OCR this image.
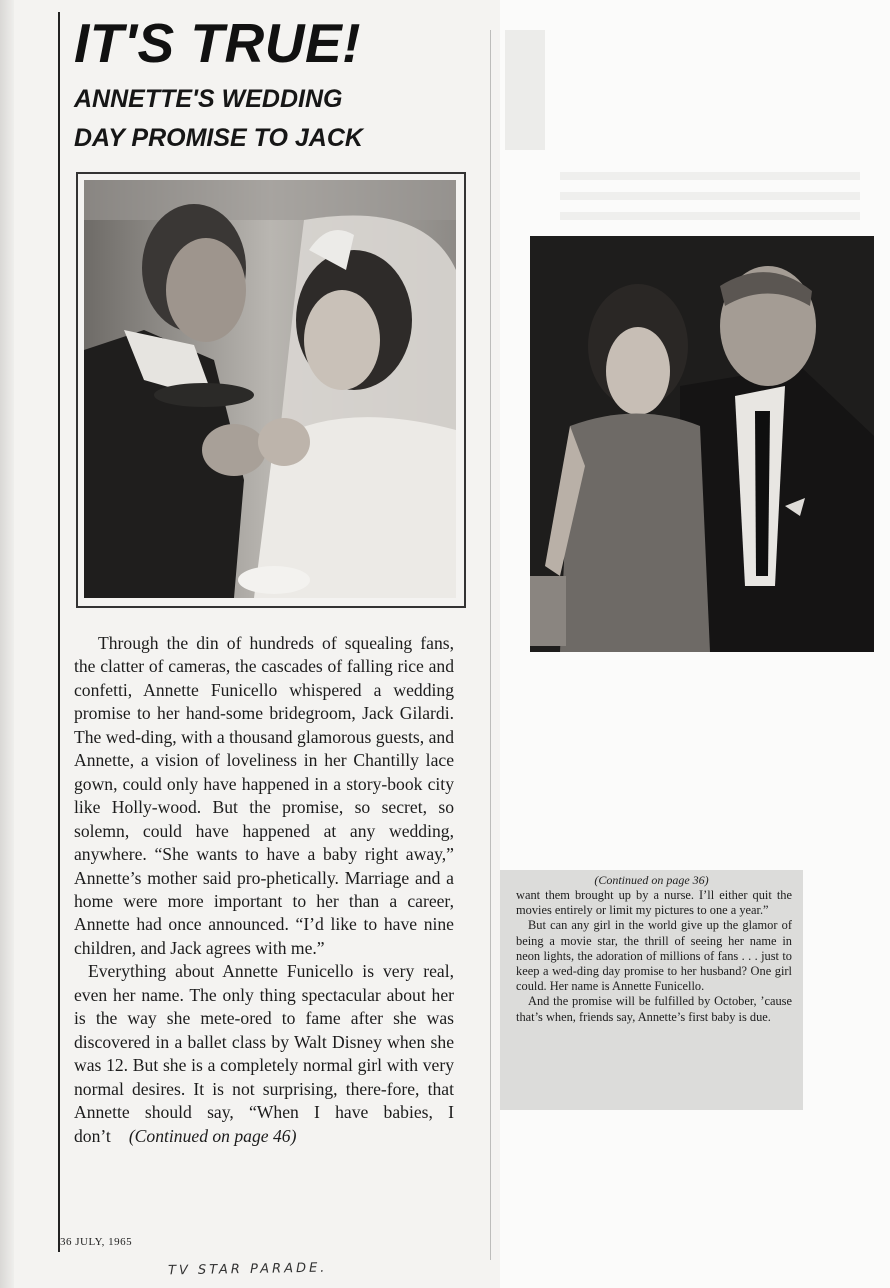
IT'S TRUE!
ANNETTE'S WEDDING
DAY PROMISE TO JACK

Through the din of hundreds of squealing fans, the clatter of cameras, the cascades of falling rice and confetti, Annette Funicello whispered a wedding promise to her hand-some bridegroom, Jack Gilardi. The wed-ding, with a thousand glamorous guests, and Annette, a vision of loveliness in her Chantilly lace gown, could only have happened in a story-book city like Holly-wood. But the promise, so secret, so solemn, could have happened at any wedding, anywhere. “She wants to have a baby right away,” Annette’s mother said pro-phetically. Marriage and a home were more important to her than a career, Annette had once announced. “I’d like to have nine children, and Jack agrees with me.”

Everything about Annette Funicello is very real, even her name. The only thing spectacular about her is the way she mete-ored to fame after she was discovered in a ballet class by Walt Disney when she was 12. But she is a completely normal girl with very normal desires. It is not surprising, there-fore, that Annette should say, “When I have babies, I don’t (Continued on page 46)

36 JULY, 1965
TV STAR PARADE.
(Continued on page 36)

want them brought up by a nurse. I’ll either quit the movies entirely or limit my pictures to one a year.”

But can any girl in the world give up the glamor of being a movie star, the thrill of seeing her name in neon lights, the adoration of millions of fans . . . just to keep a wed-ding day promise to her husband? One girl could. Her name is Annette Funicello.

And the promise will be fulfilled by October, ’cause that’s when, friends say, Annette’s first baby is due.
